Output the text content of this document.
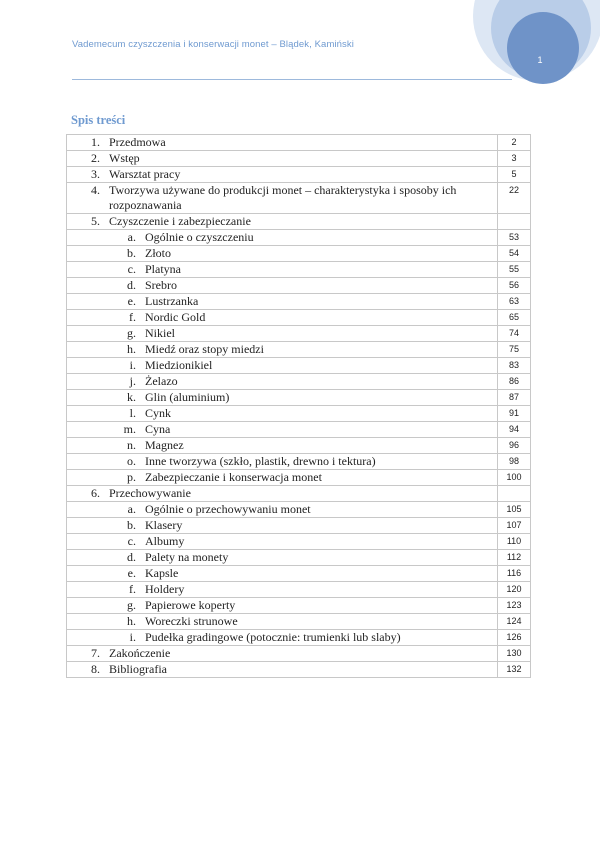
Vademecum czyszczenia i konserwacji monet – Blądek, Kamiński
1
Spis treści
1. Przedmowa	2

2. Wstęp	3

3. Warsztat pracy	5

4. Tworzywa używane do produkcji monet – charakterystyka i sposoby ich rozpoznawania	22

5. Czyszczenie i zabezpieczanie	

a. Ogólnie o czyszczeniu	53

b. Złoto	54

c. Platyna	55

d. Srebro	56

e. Lustrzanka	63

f. Nordic Gold	65

g. Nikiel	74

h. Miedź oraz stopy miedzi	75

i. Miedzionikiel	83

j. Żelazo	86

k. Glin (aluminium)	87

l. Cynk	91

m. Cyna	94

n. Magnez	96

o. Inne tworzywa (szkło, plastik, drewno i tektura)	98

p. Zabezpieczanie i konserwacja monet	100

6. Przechowywanie	

a. Ogólnie o przechowywaniu monet	105

b. Klasery	107

c. Albumy	110

d. Palety na monety	112

e. Kapsle	116

f. Holdery	120

g. Papierowe koperty	123

h. Woreczki strunowe	124

i. Pudełka gradingowe (potocznie: trumienki lub slaby)	126

7. Zakończenie	130

8. Bibliografia	132
